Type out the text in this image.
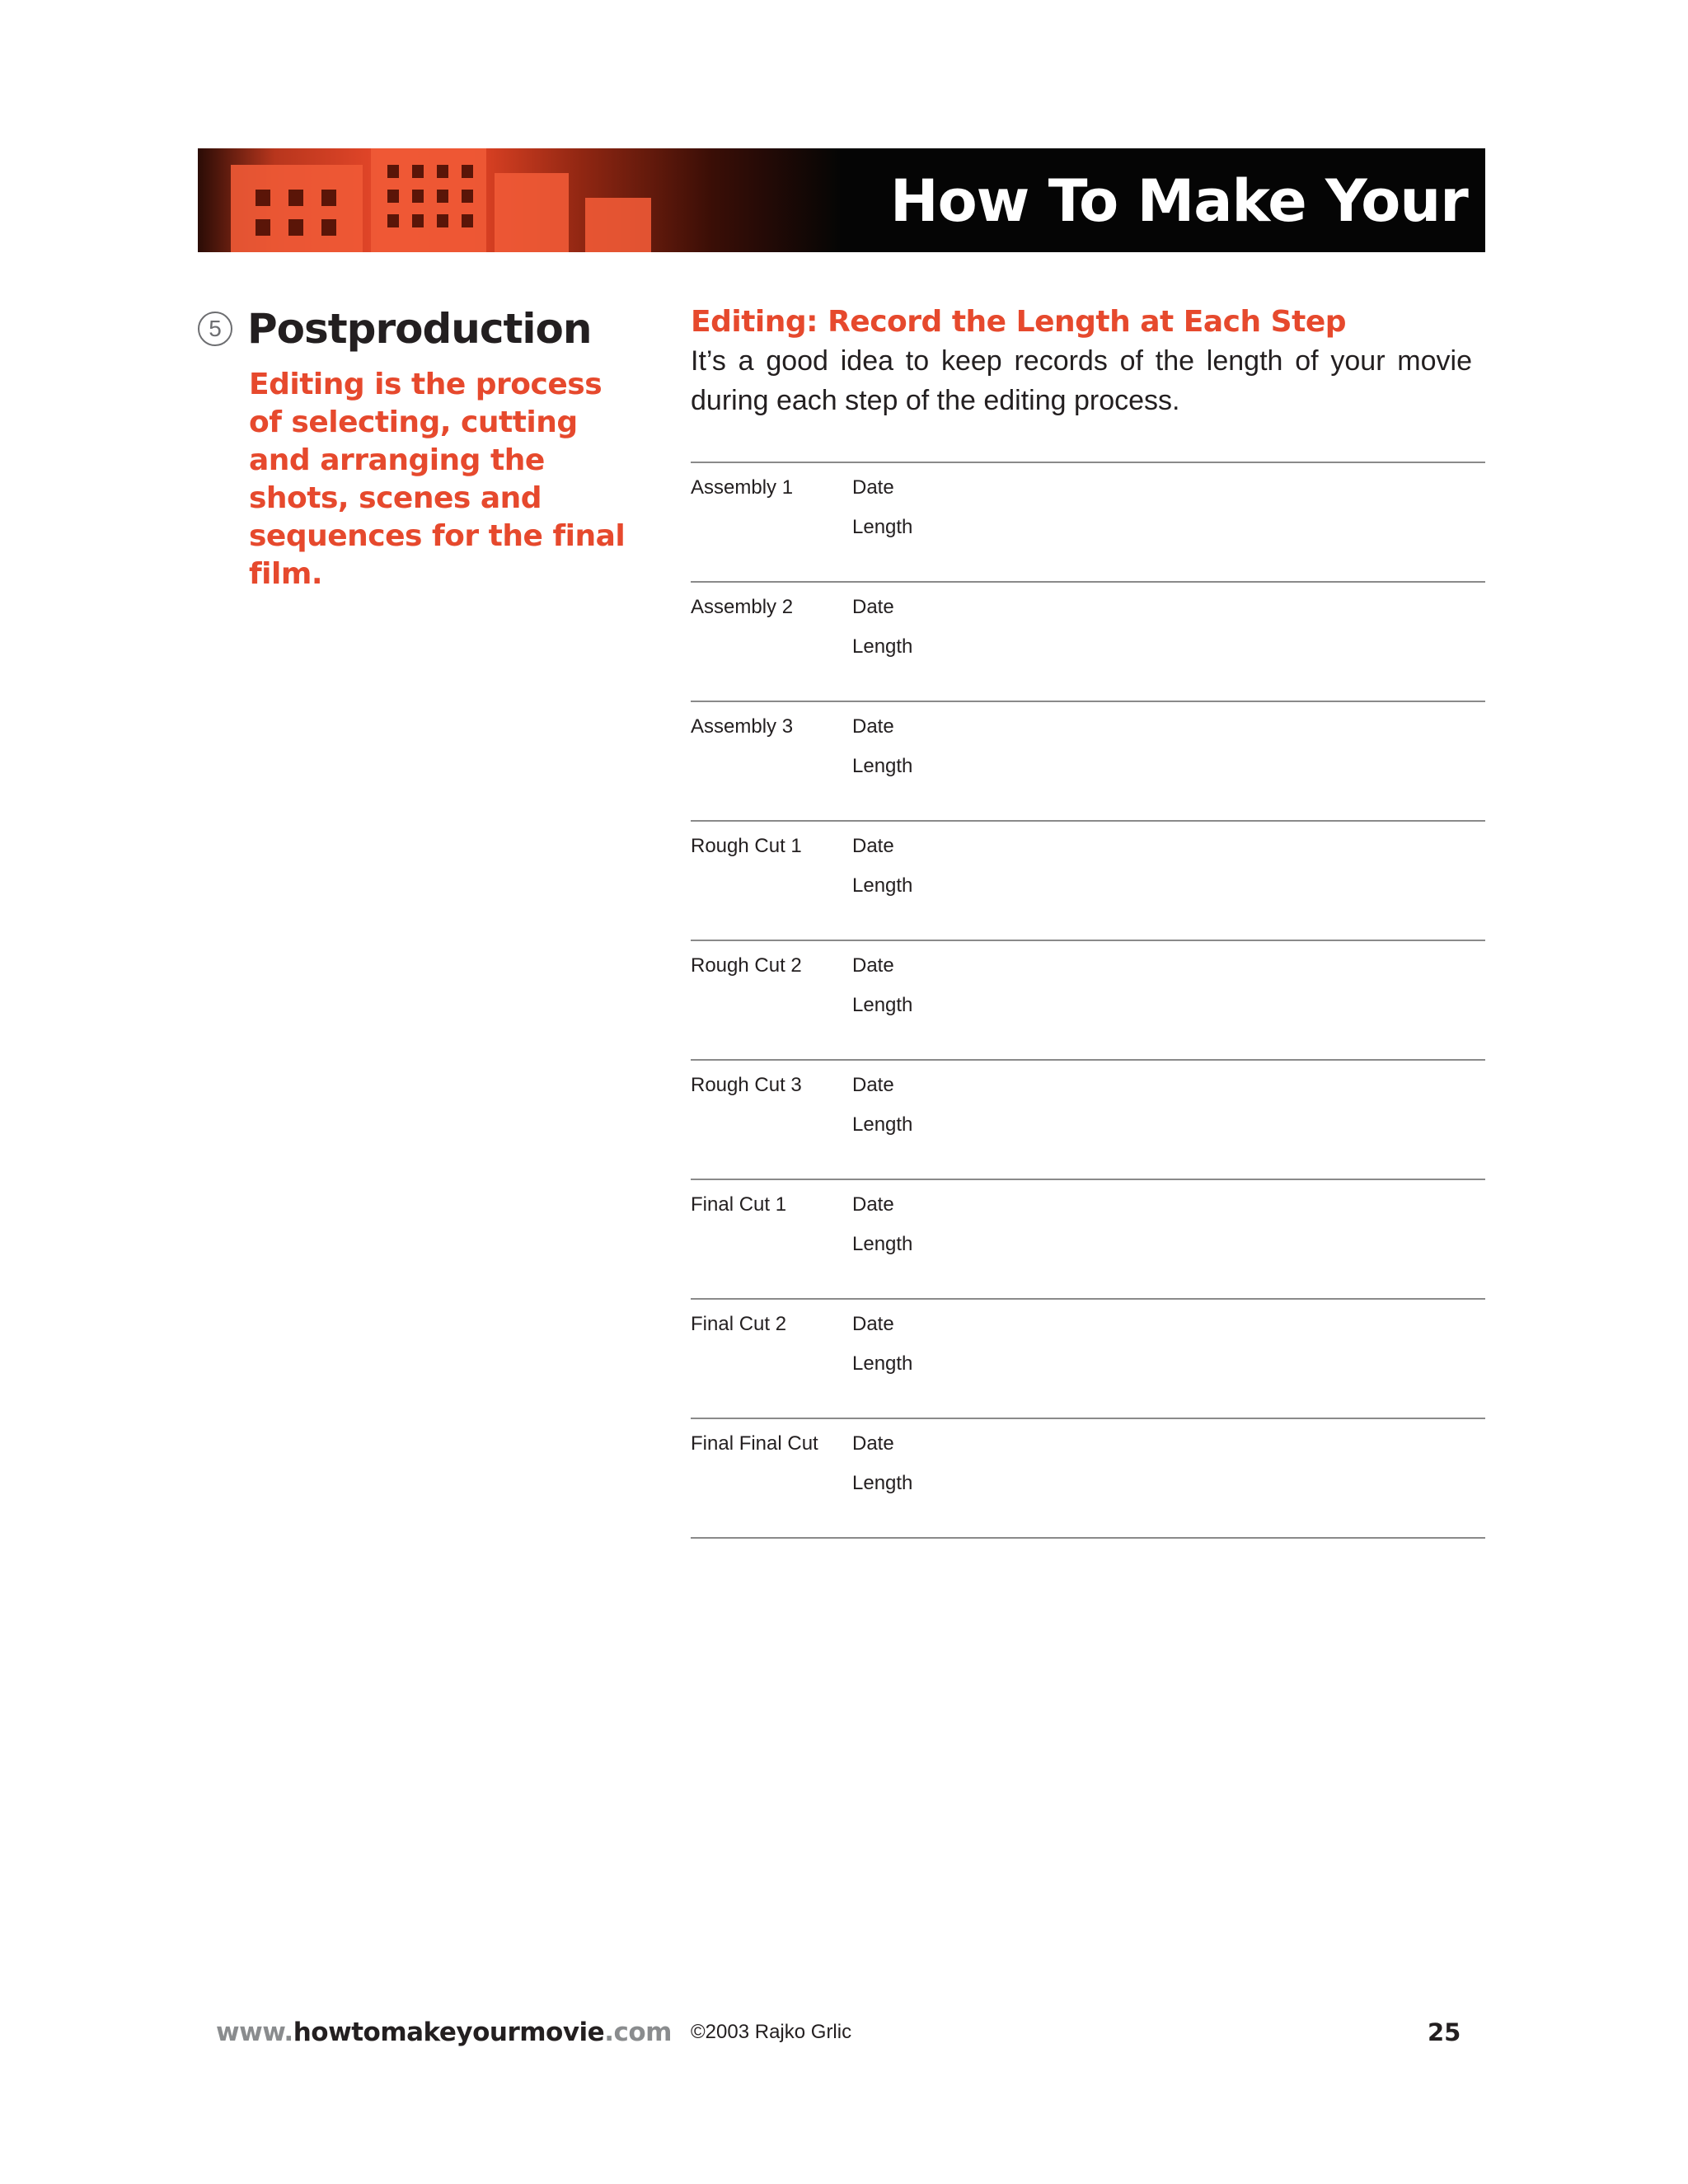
How To Make Your Movie
5 Postproduction
Editing is the process of selecting, cutting and arranging the shots, scenes and sequences for the final film.
Editing: Record the Length at Each Step
It’s a good idea to keep records of the length of your movie during each step of the editing process.
Assembly 1	Date
Length
Assembly 2	Date
Length
Assembly 3	Date
Length
Rough Cut 1	Date
Length
Rough Cut 2	Date
Length
Rough Cut 3	Date
Length
Final Cut 1	Date
Length
Final Cut 2	Date
Length
Final Final Cut Date
Length
www.howtomakeyourmovie.com ©2003 Rajko Grlic	25
